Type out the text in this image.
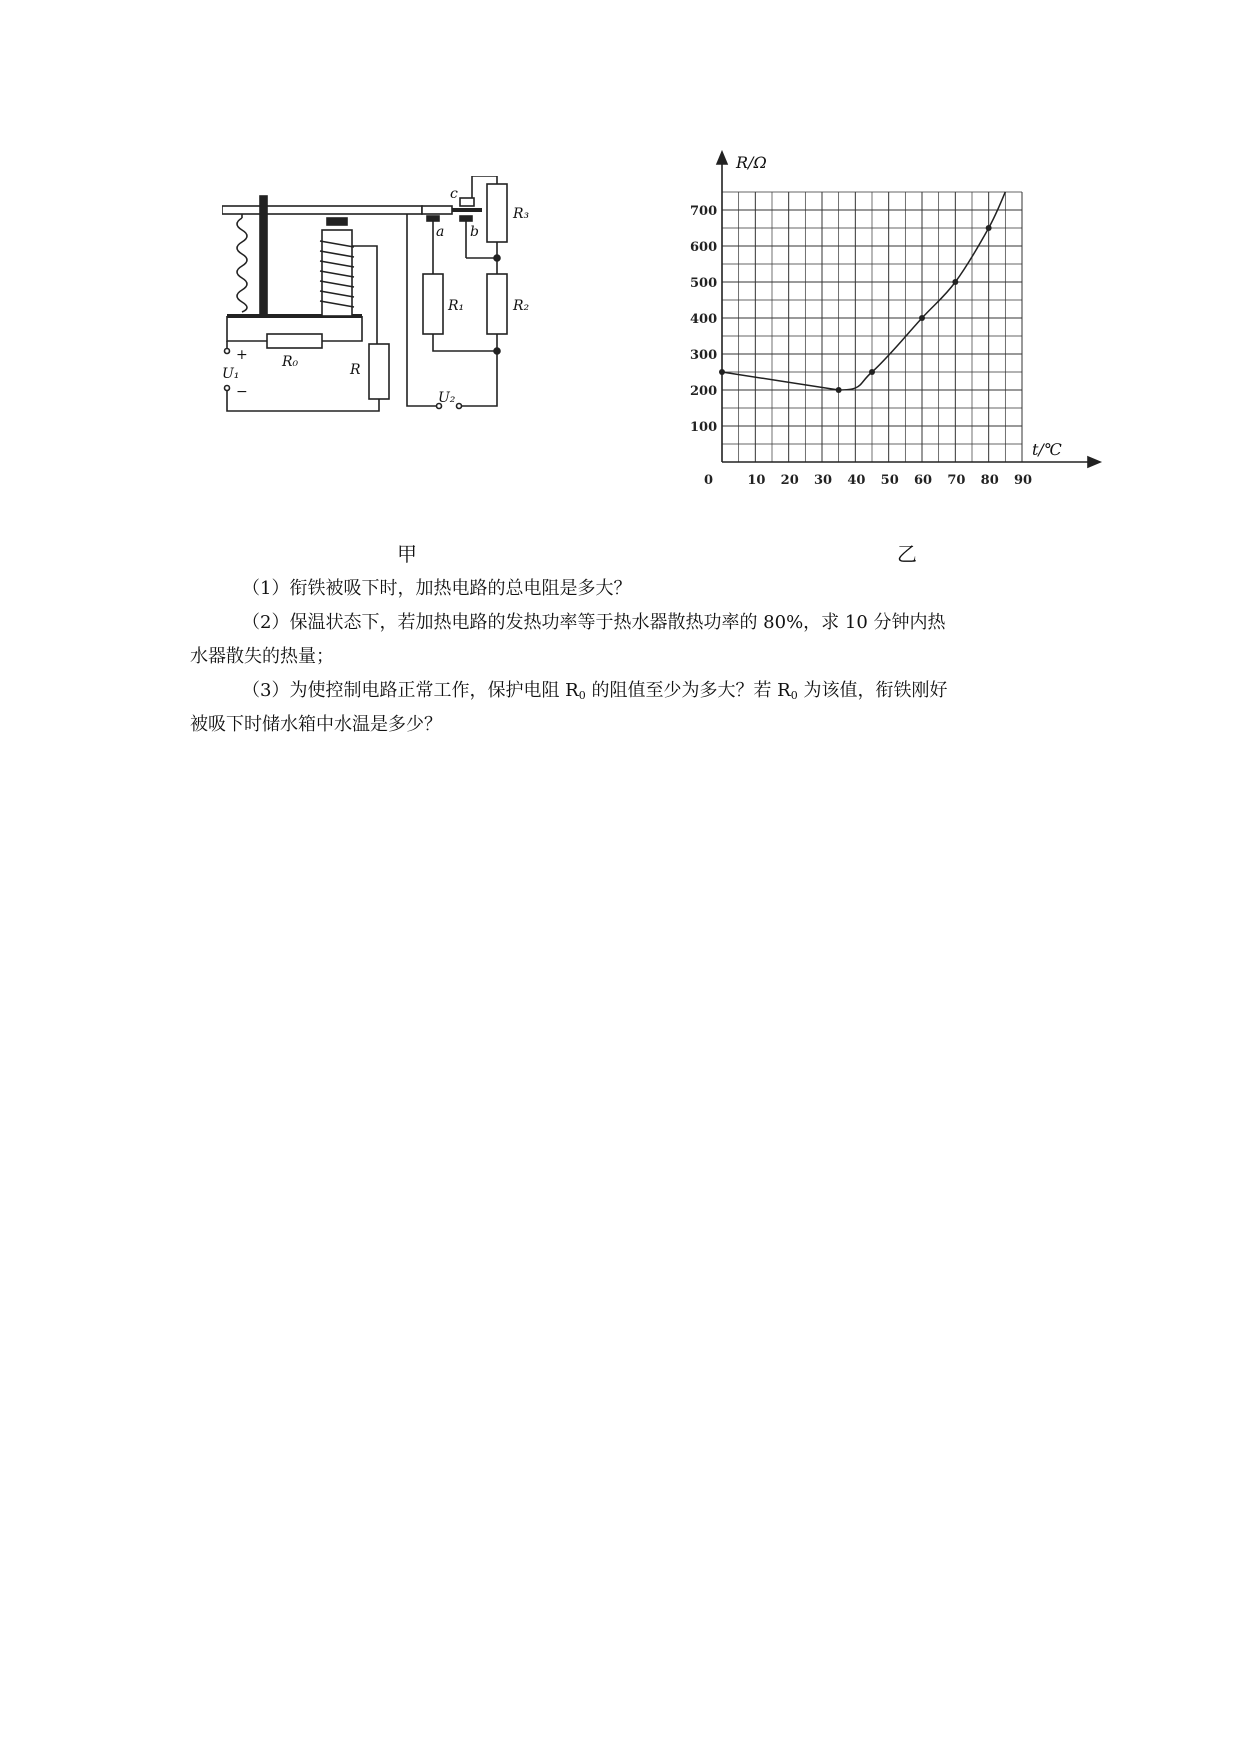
R₀	R
R₁	R₂
R₃
U₁
U₂
+
−
a b
c
0	10 20 30 40 50 60 70 80 90
100
200
300
400
500
600
700
R/Ω
t/℃
甲	乙
（1）衔铁被吸下时，加热电路的总电阻是多大？
（2）保温状态下，若加热电路的发热功率等于热水器散热功率的 80%，求 10 分钟内热
水器散失的热量；
（3）为使控制电路正常工作，保护电阻 $R_0$ 的阻值至少为多大？若 $R_0$ 为该值，衔铁刚好
被吸下时储水箱中水温是多少？
